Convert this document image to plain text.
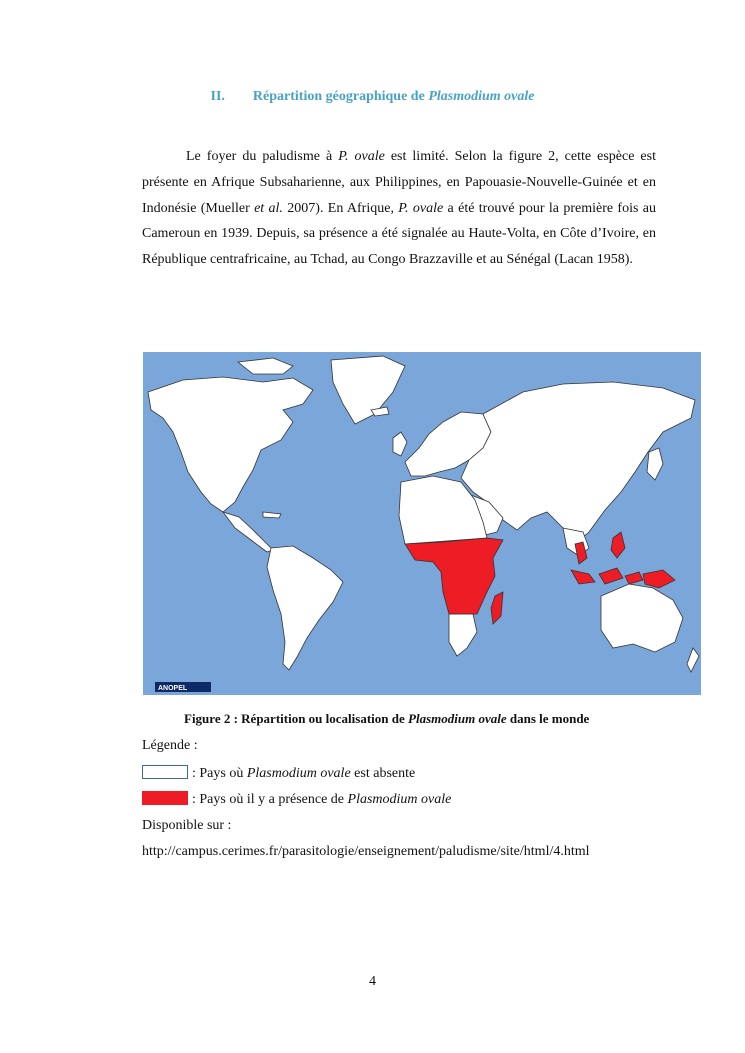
II. Répartition géographique de Plasmodium ovale

Le foyer du paludisme à P. ovale est limité. Selon la figure 2, cette espèce est présente en Afrique Subsaharienne, aux Philippines, en Papouasie-Nouvelle-Guinée et en Indonésie (Mueller et al. 2007). En Afrique, P. ovale a été trouvé pour la première fois au Cameroun en 1939. Depuis, sa présence a été signalée au Haute-Volta, en Côte d’Ivoire, en République centrafricaine, au Tchad, au Congo Brazzaville et au Sénégal (Lacan 1958).

ANOPEL
Figure 2 : Répartition ou localisation de Plasmodium ovale dans le monde
Légende :
: Pays où Plasmodium ovale est absente
: Pays où il y a présence de Plasmodium ovale
Disponible sur :
http://campus.cerimes.fr/parasitologie/enseignement/paludisme/site/html/4.html
4
